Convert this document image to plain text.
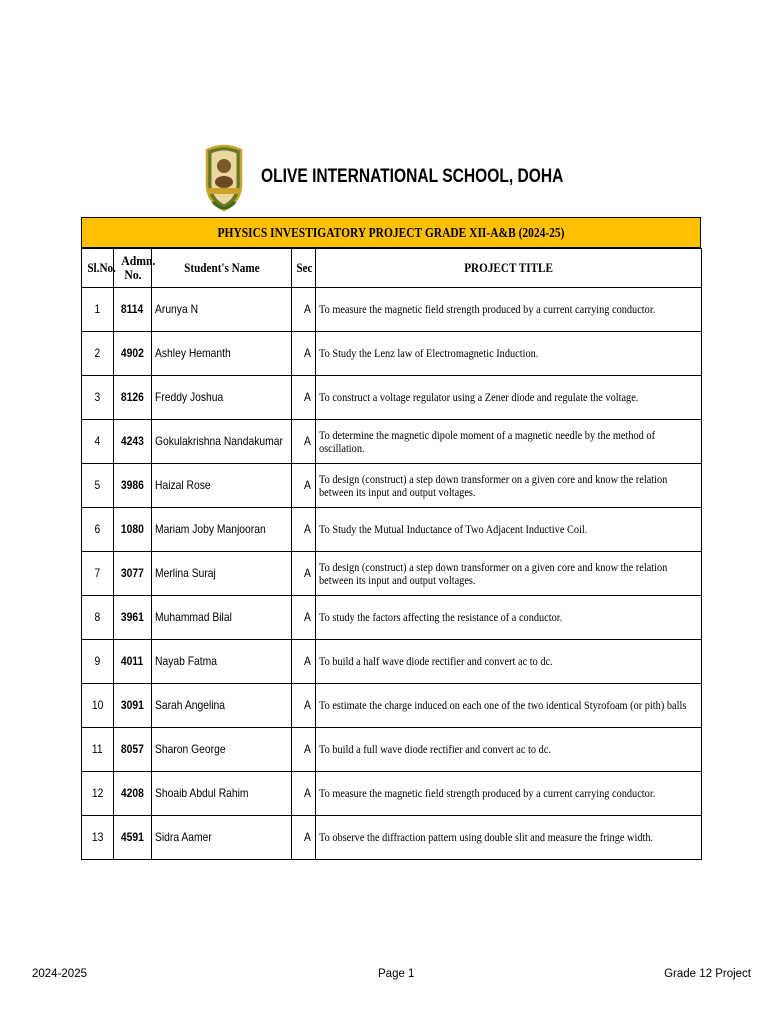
OLIVE INTERNATIONAL SCHOOL, DOHA
PHYSICS INVESTIGATORY PROJECT GRADE XII-A&B (2024-25)
Sl.No.	Admn. No.	Student's Name	Sec	PROJECT TITLE
1	8114	Arunya N	A	To measure the magnetic field strength produced by a current carrying conductor.

2	4902	Ashley Hemanth	A	To Study the Lenz law of Electromagnetic Induction.

3	8126	Freddy Joshua	A	To construct a voltage regulator using a Zener diode and regulate the voltage.

4	4243	Gokulakrishna Nandakumar	A	To determine the magnetic dipole moment of a magnetic needle by the method of oscillation.

5	3986	Haizal Rose	A	To design (construct) a step down transformer on a given core and know the relation between its input and output voltages.

6	1080	Mariam Joby Manjooran	A	To Study the Mutual Inductance of Two Adjacent Inductive Coil.

7	3077	Merlina Suraj	A	To design (construct) a step down transformer on a given core and know the relation between its input and output voltages.

8	3961	Muhammad Bilal	A	To study the factors affecting the resistance of a conductor.

9	4011	Nayab Fatma	A	To build a half wave diode rectifier and convert ac to dc.

10	3091	Sarah Angelina	A	To estimate the charge induced on each one of the two identical Styrofoam (or pith) balls

11	8057	Sharon George	A	To build a full wave diode rectifier and convert ac to dc.

12	4208	Shoaib Abdul Rahim	A	To measure the magnetic field strength produced by a current carrying conductor.

13	4591	Sidra Aamer	A	To observe the diffraction pattern using double slit and measure the fringe width.
2024-2025	Page 1	Grade 12 Project
